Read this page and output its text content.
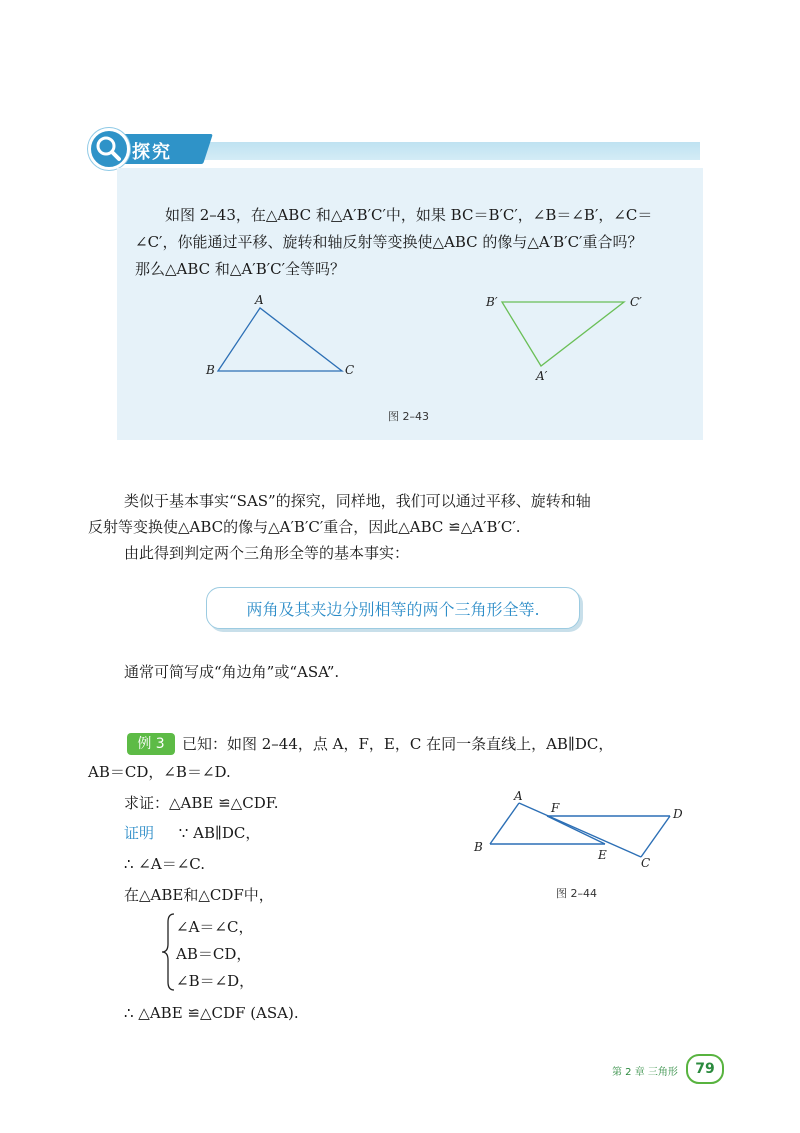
探究
如图 2–43，在△ABC 和△A′B′C′中，如果 BC＝B′C′，∠B＝∠B′，∠C＝
∠C′，你能通过平移、旋转和轴反射等变换使△ABC 的像与△A′B′C′重合吗？
那么△ABC 和△A′B′C′全等吗？
A
B	C	A′
B′	C′
图 2–43
类似于基本事实“SAS”的探究，同样地，我们可以通过平移、旋转和轴
反射等变换使△ABC的像与△A′B′C′重合，因此△ABC ≌△A′B′C′.
由此得到判定两个三角形全等的基本事实：
两角及其夹边分别相等的两个三角形全等.
通常可简写成“角边角”或“ASA”.
例 3	已知：如图 2–44，点 A，F，E，C 在同一条直线上，AB∥DC，
AB＝CD，∠B＝∠D.
求证：△ABE ≌△CDF.
证明 ∵ AB∥DC，
∴ ∠A＝∠C.
在△ABE和△CDF中，
∠A＝∠C，
AB＝CD，
∠B＝∠D，
∴ △ABE ≌△CDF (ASA).
A
B
C
D
E
F
图 2–44
第 2 章 三角形	79
